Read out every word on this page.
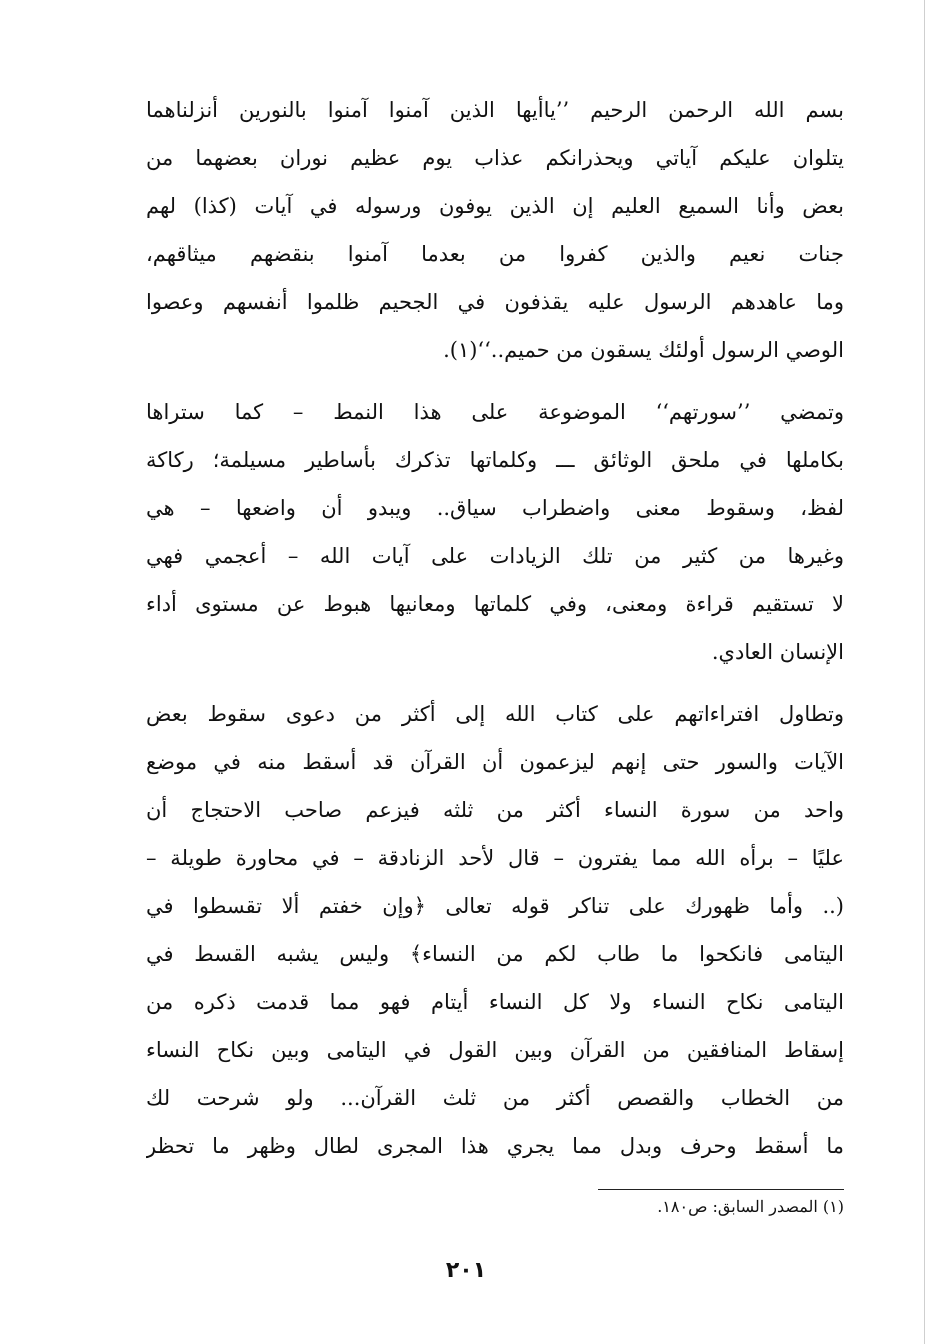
بسم الله الرحمن الرحيم ’’ياأيها الذين آمنوا آمنوا بالنورين أنزلناهما
يتلوان عليكم آياتي ويحذرانكم عذاب يوم عظيم نوران بعضهما من
بعض وأنا السميع العليم إن الذين يوفون ورسوله في آيات (كذا) لهم
جنات نعيم والذين كفروا من بعدما آمنوا بنقضهم ميثاقهم،
وما عاهدهم الرسول عليه يقذفون في الجحيم ظلموا أنفسهم وعصوا
الوصي الرسول أولئك يسقون من حميم..‘‘(١).
وتمضي ’’سورتهم‘‘ الموضوعة على هذا النمط – كما ستراها
بكاملها في ملحق الوثائق ـــ وكلماتها تذكرك بأساطير مسيلمة؛ ركاكة
لفظ، وسقوط معنى واضطراب سياق.. ويبدو أن واضعها – هي
وغيرها من كثير من تلك الزيادات على آيات الله – أعجمي فهي
لا تستقيم قراءة ومعنى، وفي كلماتها ومعانيها هبوط عن مستوى أداء
الإنسان العادي.
وتطاول افتراءاتهم على كتاب الله إلى أكثر من دعوى سقوط بعض
الآيات والسور حتى إنهم ليزعمون أن القرآن قد أسقط منه في موضع
واحد من سورة النساء أكثر من ثلثه فيزعم صاحب الاحتجاج أن
عليًا – برأه الله مما يفترون – قال لأحد الزنادقة – في محاورة طويلة –
(.. وأما ظهورك على تناكر قوله تعالى ﴿وإن خفتم ألا تقسطوا في
اليتامى فانكحوا ما طاب لكم من النساء﴾ وليس يشبه القسط في
اليتامى نكاح النساء ولا كل النساء أيتام فهو مما قدمت ذكره من
إسقاط المنافقين من القرآن وبين القول في اليتامى وبين نكاح النساء
من الخطاب والقصص أكثر من ثلث القرآن... ولو شرحت لك
ما أسقط وحرف وبدل مما يجري هذا المجرى لطال وظهر ما تحظر
(١) المصدر السابق: ص١٨٠.
٢٠١
